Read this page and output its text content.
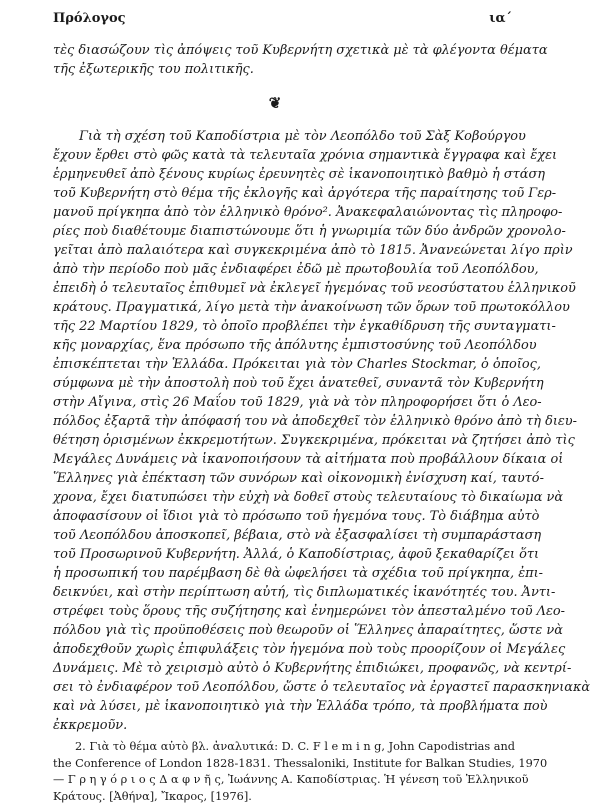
Πρόλογος	ια΄
τὲς διασώζουν τὶς ἀπόψεις τοῦ Κυβερνήτη σχετικὰ μὲ τὰ φλέγοντα θέματα
τῆς ἐξωτερικῆς του πολιτικῆς.
❦
Γιὰ τὴ σχέση τοῦ Καποδίστρια μὲ τὸν Λεοπόλδο τοῦ Σὰξ Κοβούργου
ἔχουν ἔρθει στὸ φῶς κατὰ τὰ τελευταῖα χρόνια σημαντικὰ ἔγγραφα καὶ ἔχει
ἑρμηνευθεῖ ἀπὸ ξένους κυρίως ἐρευνητὲς σὲ ἱκανοποιητικὸ βαθμὸ ἡ στάση
τοῦ Κυβερνήτη στὸ θέμα τῆς ἐκλογῆς καὶ ἀργότερα τῆς παραίτησης τοῦ Γερ-
μανοῦ πρίγκηπα ἀπὸ τὸν ἑλληνικὸ θρόνο². Ἀνακεφαλαιώνοντας τὶς πληροφο-
ρίες ποὺ διαθέτουμε διαπιστώνουμε ὅτι ἡ γνωριμία τῶν δύο ἀνδρῶν χρονολο-
γεῖται ἀπὸ παλαιότερα καὶ συγκεκριμένα ἀπὸ τὸ 1815. Ἀνανεώνεται λίγο πρὶν
ἀπὸ τὴν περίοδο ποὺ μᾶς ἐνδιαφέρει ἐδῶ μὲ πρωτοβουλία τοῦ Λεοπόλδου,
ἐπειδὴ ὁ τελευταῖος ἐπιθυμεῖ νὰ ἐκλεγεῖ ἡγεμόνας τοῦ νεοσύστατου ἑλληνικοῦ
κράτους. Πραγματικά, λίγο μετὰ τὴν ἀνακοίνωση τῶν ὅρων τοῦ πρωτοκόλλου
τῆς 22 Μαρτίου 1829, τὸ ὁποῖο προβλέπει τὴν ἐγκαθίδρυση τῆς συνταγματι-
κῆς μοναρχίας, ἕνα πρόσωπο τῆς ἀπόλυτης ἐμπιστοσύνης τοῦ Λεοπόλδου
ἐπισκέπτεται τὴν Ἑλλάδα. Πρόκειται γιὰ τὸν Charles Stockmar, ὁ ὁποῖος,
σύμφωνα μὲ τὴν ἀποστολὴ ποὺ τοῦ ἔχει ἀνατεθεῖ, συναντᾶ τὸν Κυβερνήτη
στὴν Αἴγινα, στὶς 26 Μαΐου τοῦ 1829, γιὰ νὰ τὸν πληροφορήσει ὅτι ὁ Λεο-
πόλδος ἐξαρτᾶ τὴν ἀπόφασή του νὰ ἀποδεχθεῖ τὸν ἑλληνικὸ θρόνο ἀπὸ τὴ διευ-
θέτηση ὁρισμένων ἐκκρεμοτήτων. Συγκεκριμένα, πρόκειται νὰ ζητήσει ἀπὸ τὶς
Μεγάλες Δυνάμεις νὰ ἱκανοποιήσουν τὰ αἰτήματα ποὺ προβάλλουν δίκαια οἱ
Ἕλληνες γιὰ ἐπέκταση τῶν συνόρων καὶ οἰκονομικὴ ἐνίσχυση καί, ταυτό-
χρονα, ἔχει διατυπώσει τὴν εὐχὴ νὰ δοθεῖ στοὺς τελευταίους τὸ δικαίωμα νὰ
ἀποφασίσουν οἱ ἴδιοι γιὰ τὸ πρόσωπο τοῦ ἡγεμόνα τους. Τὸ διάβημα αὐτὸ
τοῦ Λεοπόλδου ἀποσκοπεῖ, βέβαια, στὸ νὰ ἐξασφαλίσει τὴ συμπαράσταση
τοῦ Προσωρινοῦ Κυβερνήτη. Ἀλλά, ὁ Καποδίστριας, ἀφοῦ ξεκαθαρίζει ὅτι
ἡ προσωπική του παρέμβαση δὲ θὰ ὠφελήσει τὰ σχέδια τοῦ πρίγκηπα, ἐπι-
δεικνύει, καὶ στὴν περίπτωση αὐτή, τὶς διπλωματικές ἱκανότητές του. Ἀντι-
στρέφει τοὺς ὅρους τῆς συζήτησης καὶ ἐνημερώνει τὸν ἀπεσταλμένο τοῦ Λεο-
πόλδου γιὰ τὶς προϋποθέσεις ποὺ θεωροῦν οἱ Ἕλληνες ἀπαραίτητες, ὥστε νὰ
ἀποδεχθοῦν χωρὶς ἐπιφυλάξεις τὸν ἡγεμόνα ποὺ τοὺς προορίζουν οἱ Μεγάλες
Δυνάμεις. Μὲ τὸ χειρισμὸ αὐτὸ ὁ Κυβερνήτης ἐπιδιώκει, προφανῶς, νὰ κεντρί-
σει τὸ ἐνδιαφέρον τοῦ Λεοπόλδου, ὥστε ὁ τελευταῖος νὰ ἐργαστεῖ παρασκηνιακὰ
καὶ νὰ λύσει, μὲ ἱκανοποιητικὸ γιὰ τὴν Ἑλλάδα τρόπο, τὰ προβλήματα ποὺ
ἐκκρεμοῦν.
2. Γιὰ τὸ θέμα αὐτὸ βλ. ἀναλυτικά: D. C. F l e m i n g, John Capodistrias and
the Conference of London 1828-1831. Thessaloniki, Institute for Balkan Studies, 1970
— Γ ρ η γ ό ρ ι ο ς Δ α φ ν ῆ ς, Ἰωάννης Α. Καποδίστριας. Ἡ γένεση τοῦ Ἑλληνικοῦ
Κράτους. [Ἀθήνα], Ἴκαρος, [1976].
